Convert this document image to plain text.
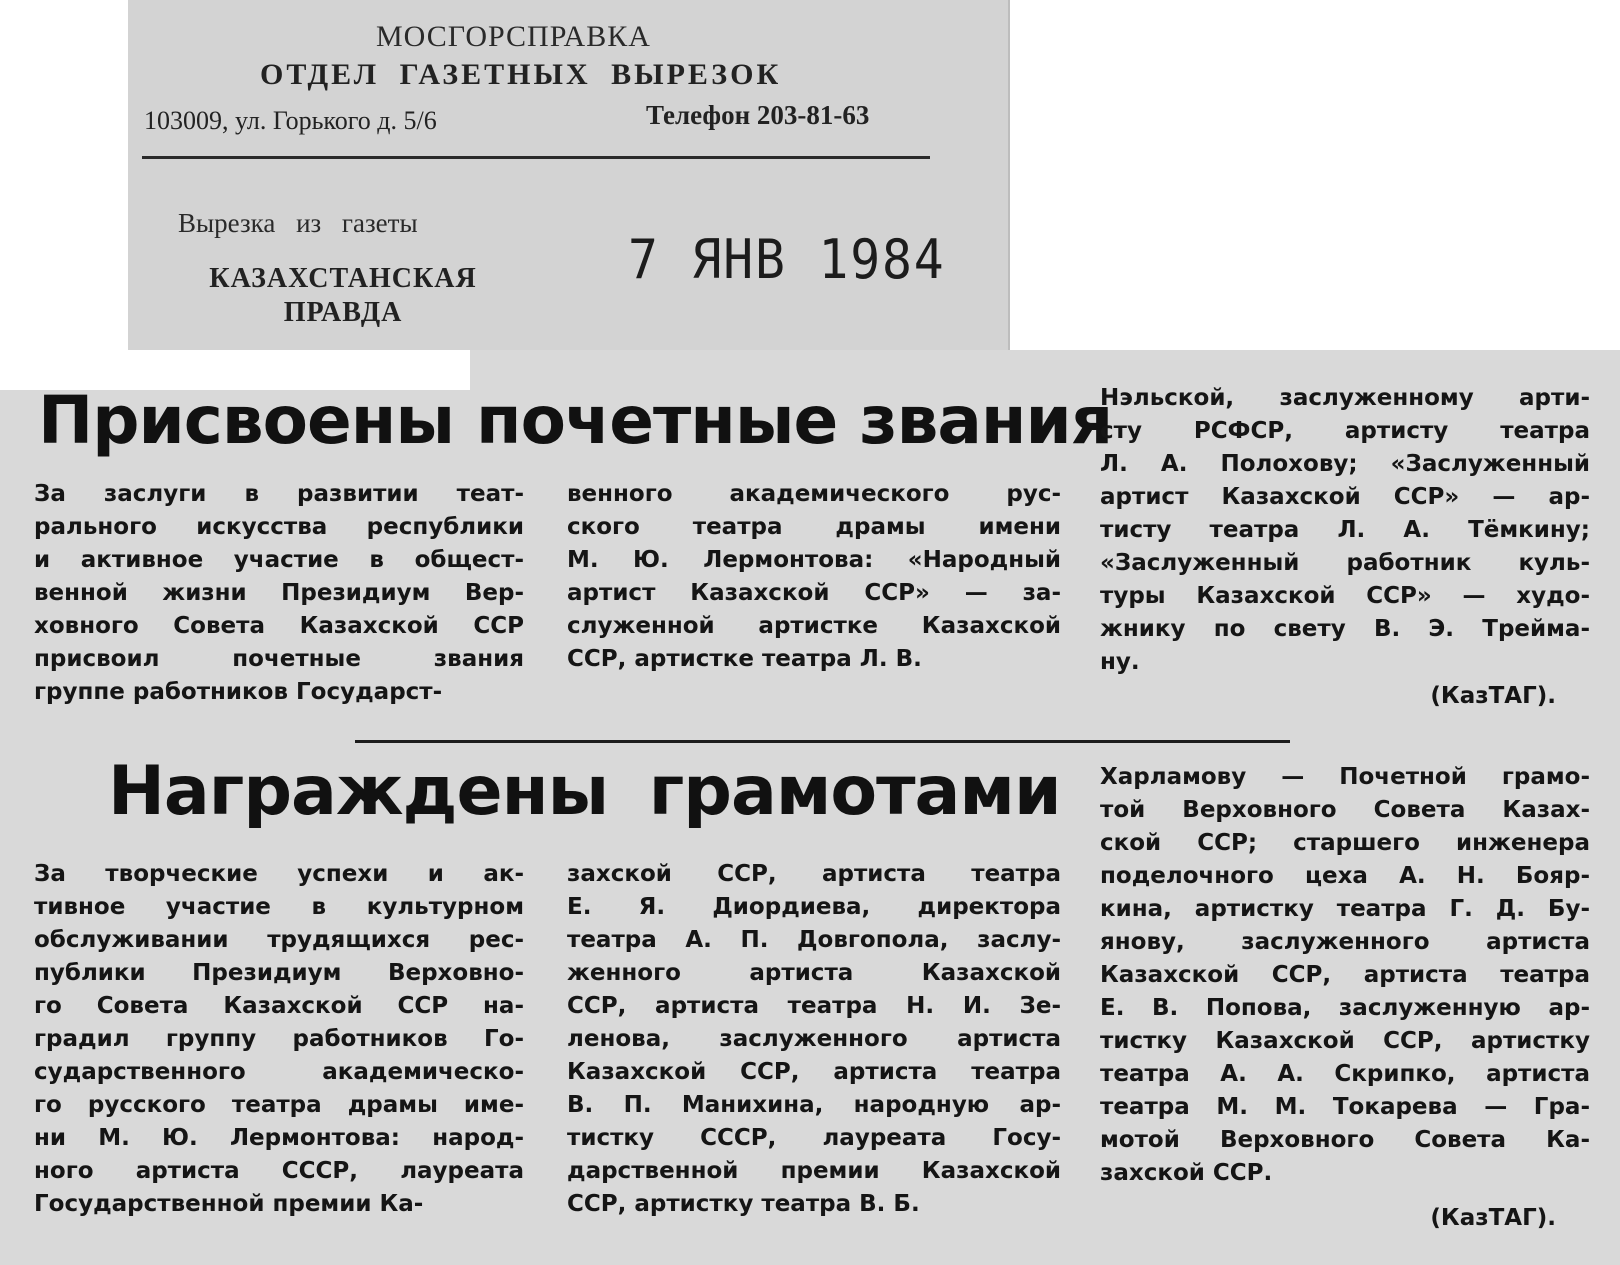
МОСГОРСПРАВКА
ОТДЕЛ ГАЗЕТНЫХ ВЫРЕЗОК
103009, ул. Горького д. 5/6	Телефон 203-81-63
Вырезка из газеты
КАЗАХСТАНСКАЯ
ПРАВДА
7 ЯНВ 1984
Присвоены почетные звания
За заслуги в развитии теат-
рального искусства республики
и активное участие в общест-
венной жизни Президиум Вер-
ховного Совета Казахской ССР
присвоил почетные звания
группе работников Государст-
венного академического рус-
ского театра драмы имени
М. Ю. Лермонтова: «Народный
артист Казахской ССР» — за-
служенной артистке Казахской
ССР, артистке театра Л. В.
Нэльской, заслуженному арти-
сту РСФСР, артисту театра
Л. А. Полохову; «Заслуженный
артист Казахской ССР» — ар-
тисту театра Л. А. Тёмкину;
«Заслуженный работник куль-
туры Казахской ССР» — худо-
жнику по свету В. Э. Трейма-
ну.
(КазТАГ).
Награждены грамотами
За творческие успехи и ак-
тивное участие в культурном
обслуживании трудящихся рес-
публики Президиум Верховно-
го Совета Казахской ССР на-
градил группу работников Го-
сударственного академическо-
го русского театра драмы име-
ни М. Ю. Лермонтова: народ-
ного артиста СССР, лауреата
Государственной премии Ка-
захской ССР, артиста театра
Е. Я. Диордиева, директора
театра А. П. Довгопола, заслу-
женного артиста Казахской
ССР, артиста театра Н. И. Зе-
ленова, заслуженного артиста
Казахской ССР, артиста театра
В. П. Манихина, народную ар-
тистку СССР, лауреата Госу-
дарственной премии Казахской
ССР, артистку театра В. Б.
Харламову — Почетной грамо-
той Верховного Совета Казах-
ской ССР; старшего инженера
поделочного цеха А. Н. Бояр-
кина, артистку театра Г. Д. Бу-
янову, заслуженного артиста
Казахской ССР, артиста театра
Е. В. Попова, заслуженную ар-
тистку Казахской ССР, артистку
театра А. А. Скрипко, артиста
театра М. М. Токарева — Гра-
мотой Верховного Совета Ка-
захской ССР.
(КазТАГ).
